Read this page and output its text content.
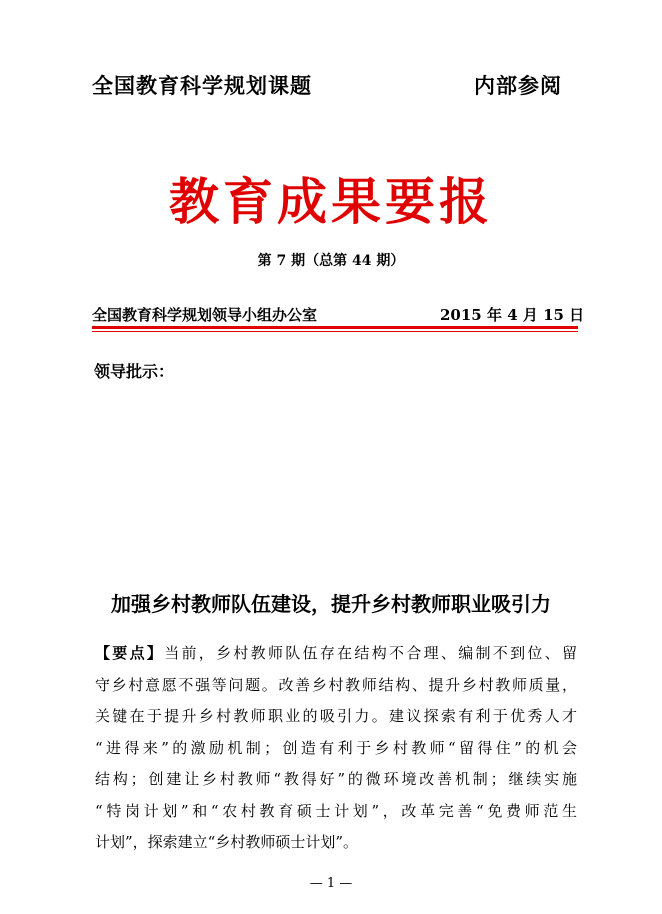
全国教育科学规划课题	内部参阅
教育成果要报
第 7 期（总第 44 期）
全国教育科学规划领导小组办公室	2015 年 4 月 15 日
领导批示：
加强乡村教师队伍建设，提升乡村教师职业吸引力
【要点】当前，乡村教师队伍存在结构不合理、编制不到位、留
守乡村意愿不强等问题。改善乡村教师结构、提升乡村教师质量，
关键在于提升乡村教师职业的吸引力。建议探索有利于优秀人才
“进得来”的激励机制；创造有利于乡村教师“留得住”的机会
结构；创建让乡村教师“教得好”的微环境改善机制；继续实施
“特岗计划”和“农村教育硕士计划”，改革完善“免费师范生
计划”，探索建立“乡村教师硕士计划”。
— 1 —
